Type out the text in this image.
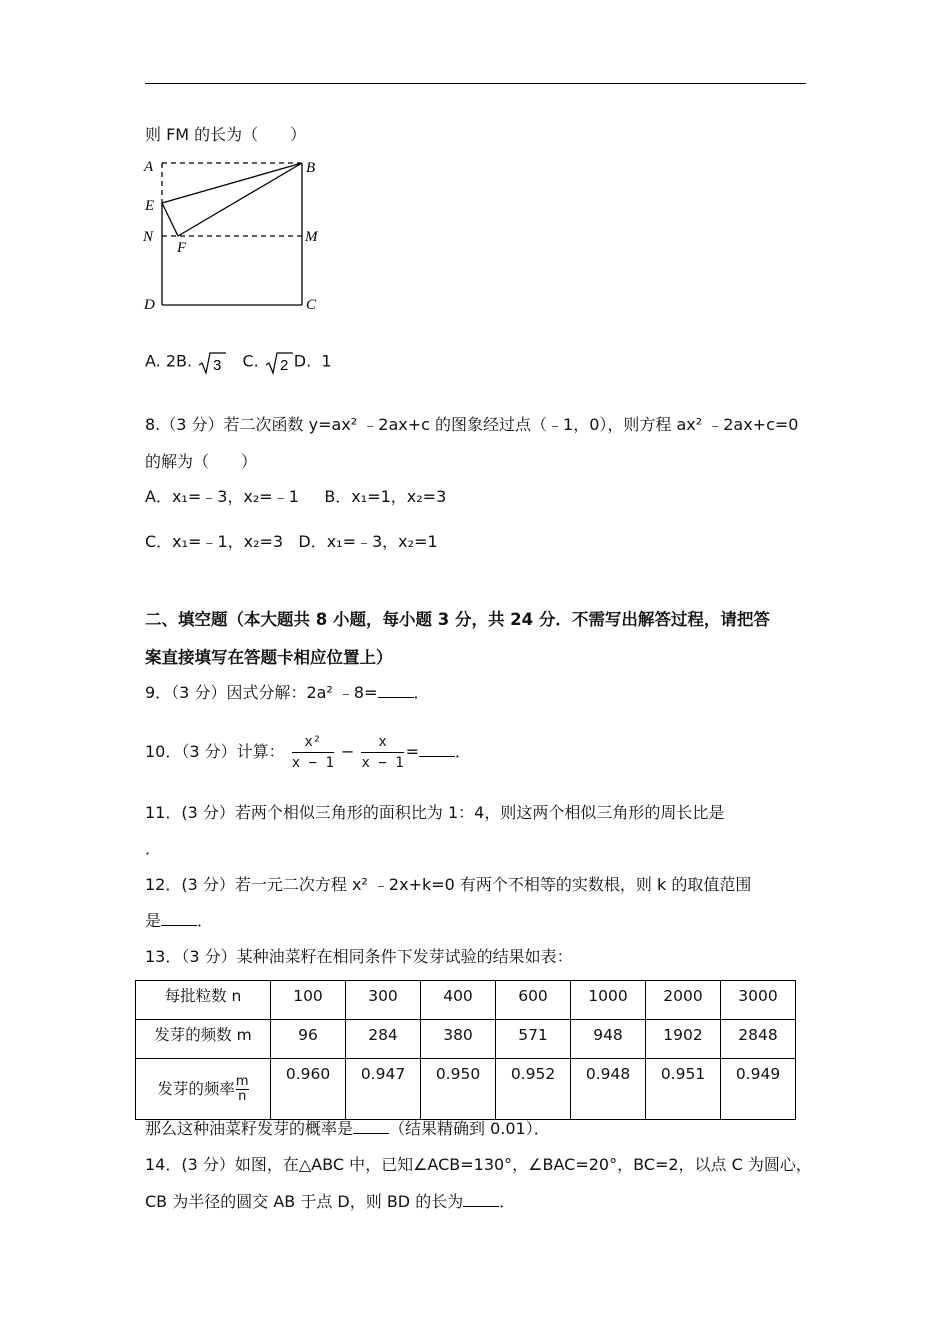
则 FM 的长为（　　）
A	B
E
N
F
M
D	C
A. 2B. 3 C. 2 D. 1
8.（3 分）若二次函数 y=ax² ﹣2ax+c 的图象经过点（﹣1，0），则方程 ax² ﹣2ax+c=0
的解为（　　）
A．x₁=﹣3，x₂=﹣1 B．x₁=1，x₂=3
C．x₁=﹣1，x₂=3 D．x₁=﹣3，x₂=1
二、填空题（本大题共 8 小题，每小题 3 分，共 24 分．不需写出解答过程，请把答
案直接填写在答题卡相应位置上）
9．（3 分）因式分解：2a² ﹣8= ．
10．（3 分）计算： $\frac{\text{x²}}{x - 1} - \frac{x}{x - 1}$ = ．
11．(3 分）若两个相似三角形的面积比为 1：4，则这两个相似三角形的周长比是
．
12．(3 分）若一元二次方程 x² ﹣2x+k=0 有两个不相等的实数根，则 k 的取值范围
是 ．
13．（3 分）某种油菜籽在相同条件下发芽试验的结果如表：
每批粒数 n	100	300	400	600	1000	2000	3000
发芽的频数 m	96	284	380	571	948	1902	2848
发芽的频率 $\frac{m}{n}$	0.960	0.947	0.950	0.952	0.948	0.951	0.949
那么这种油菜籽发芽的概率是 （结果精确到 0.01）．
14．(3 分）如图，在△ABC 中，已知∠ACB=130°，∠BAC=20°，BC=2，以点 C 为圆心，
CB 为半径的圆交 AB 于点 D，则 BD 的长为 ．
